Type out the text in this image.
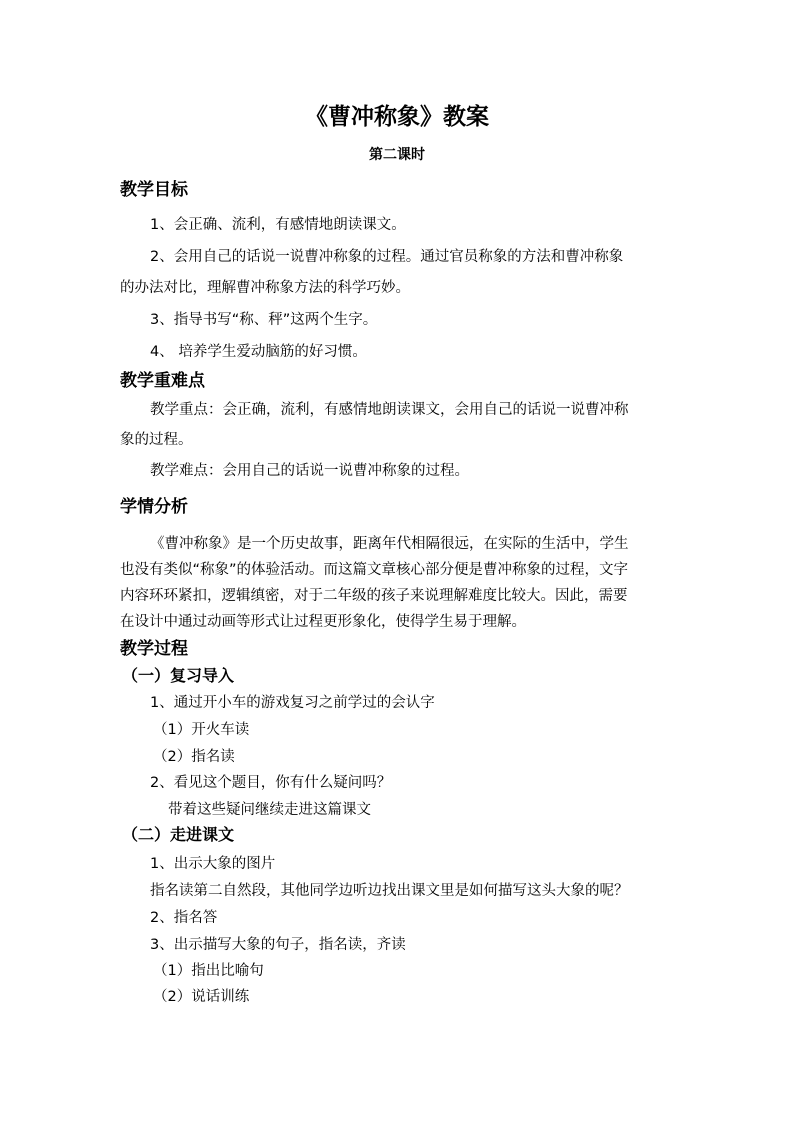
《曹冲称象》教案
第二课时
教学目标
1、会正确、流利，有感情地朗读课文。
2、会用自己的话说一说曹冲称象的过程。通过官员称象的方法和曹冲称象
的办法对比，理解曹冲称象方法的科学巧妙。
3、指导书写“称、秤”这两个生字。
4、 培养学生爱动脑筋的好习惯。
教学重难点
教学重点：会正确，流利，有感情地朗读课文，会用自己的话说一说曹冲称
象的过程。
教学难点：会用自己的话说一说曹冲称象的过程。
学情分析
《曹冲称象》是一个历史故事，距离年代相隔很远，在实际的生活中，学生
也没有类似“称象”的体验活动。而这篇文章核心部分便是曹冲称象的过程，文字
内容环环紧扣，逻辑缜密，对于二年级的孩子来说理解难度比较大。因此，需要
在设计中通过动画等形式让过程更形象化，使得学生易于理解。
教学过程
（一）复习导入
1、通过开小车的游戏复习之前学过的会认字
（1）开火车读
（2）指名读
2、看见这个题目，你有什么疑问吗？
带着这些疑问继续走进这篇课文
（二）走进课文
1、出示大象的图片
指名读第二自然段，其他同学边听边找出课文里是如何描写这头大象的呢？
2、指名答
3、出示描写大象的句子，指名读，齐读
（1）指出比喻句
（2）说话训练
